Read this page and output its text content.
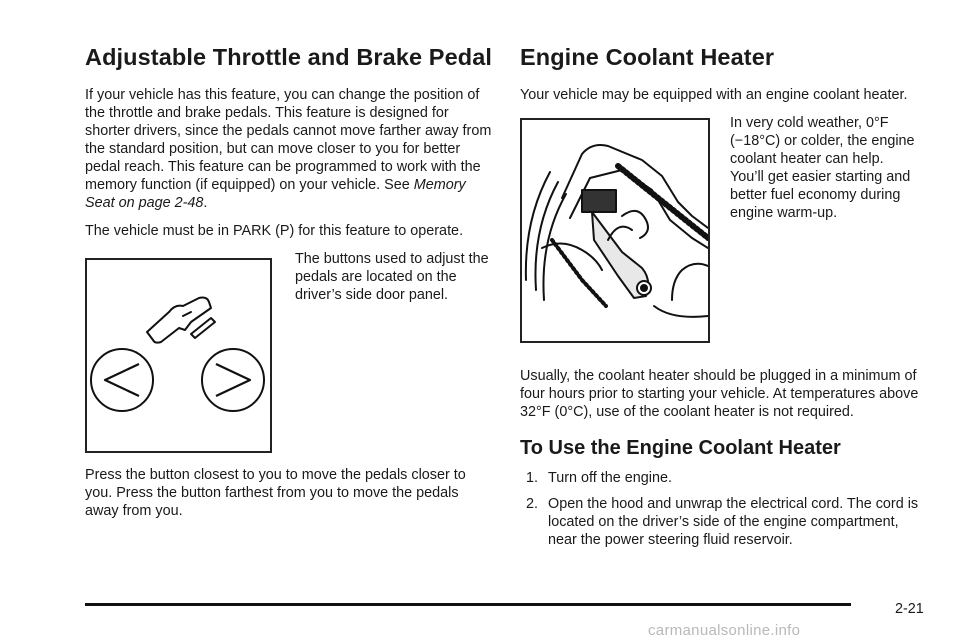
Adjustable Throttle and Brake Pedal

If your vehicle has this feature, you can change the position of the throttle and brake pedals. This feature is designed for shorter drivers, since the pedals cannot move farther away from the standard position, but can move closer to you for better pedal reach. This feature can be programmed to work with the memory function (if equipped) on your vehicle. See Memory Seat on page 2-48.

The vehicle must be in PARK (P) for this feature to operate.

The buttons used to adjust the pedals are located on the driver’s side door panel.

Press the button closest to you to move the pedals closer to you. Press the button farthest from you to move the pedals away from you.

Engine Coolant Heater

Your vehicle may be equipped with an engine coolant heater.

In very cold weather, 0°F (−18°C) or colder, the engine coolant heater can help. You’ll get easier starting and better fuel economy during engine warm-up.

Usually, the coolant heater should be plugged in a minimum of four hours prior to starting your vehicle. At temperatures above 32°F (0°C), use of the coolant heater is not required.

To Use the Engine Coolant Heater
1. Turn off the engine.
2. Open the hood and unwrap the electrical cord. The cord is located on the driver’s side of the engine compartment, near the power steering fluid reservoir.
2-21
carmanualsonline.info
